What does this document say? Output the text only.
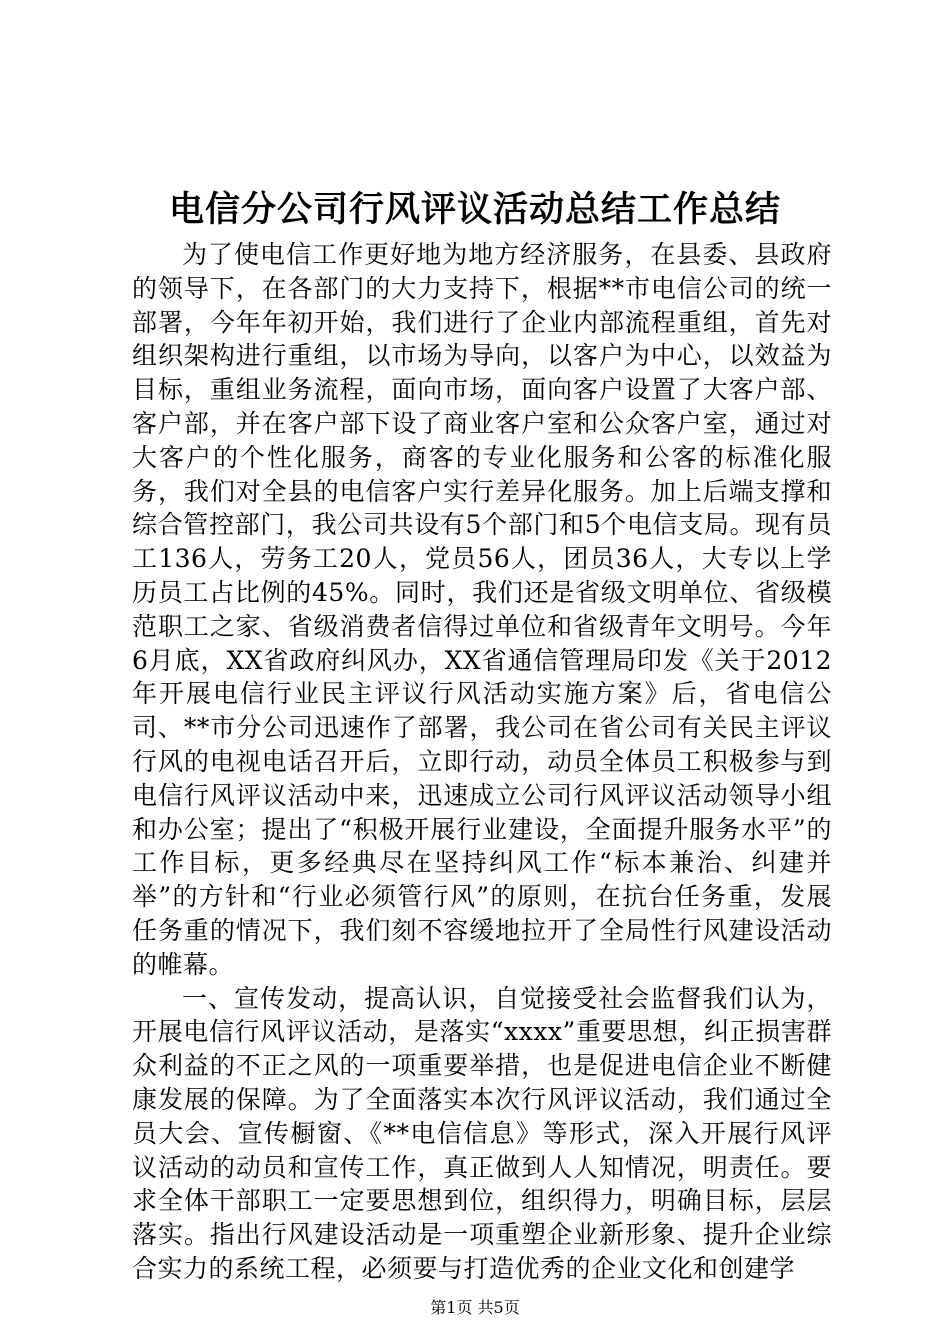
电信分公司行风评议活动总结工作总结

为了使电信工作更好地为地方经济服务，在县委、县政府的领导下，在各部门的大力支持下，根据**市电信公司的统一部署，今年年初开始，我们进行了企业内部流程重组，首先对组织架构进行重组，以市场为导向，以客户为中心，以效益为目标，重组业务流程，面向市场，面向客户设置了大客户部、客户部，并在客户部下设了商业客户室和公众客户室，通过对大客户的个性化服务，商客的专业化服务和公客的标准化服务，我们对全县的电信客户实行差异化服务。加上后端支撑和综合管控部门，我公司共设有5个部门和5个电信支局。现有员工136人，劳务工20人，党员56人，团员36人，大专以上学历员工占比例的45%。同时，我们还是省级文明单位、省级模范职工之家、省级消费者信得过单位和省级青年文明号。今年6月底，XX省政府纠风办，XX省通信管理局印发《关于2012年开展电信行业民主评议行风活动实施方案》后，省电信公司、**市分公司迅速作了部署，我公司在省公司有关民主评议行风的电视电话召开后，立即行动，动员全体员工积极参与到电信行风评议活动中来，迅速成立公司行风评议活动领导小组和办公室；提出了“积极开展行业建设，全面提升服务水平”的工作目标，更多经典尽在坚持纠风工作“标本兼治、纠建并举”的方针和“行业必须管行风”的原则，在抗台任务重，发展任务重的情况下，我们刻不容缓地拉开了全局性行风建设活动的帷幕。

一、宣传发动，提高认识，自觉接受社会监督我们认为，开展电信行风评议活动，是落实“xxxx”重要思想，纠正损害群众利益的不正之风的一项重要举措，也是促进电信企业不断健康发展的保障。为了全面落实本次行风评议活动，我们通过全员大会、宣传橱窗、《**电信信息》等形式，深入开展行风评议活动的动员和宣传工作，真正做到人人知情况，明责任。要求全体干部职工一定要思想到位，组织得力，明确目标，层层落实。指出行风建设活动是一项重塑企业新形象、提升企业综合实力的系统工程，必须要与打造优秀的企业文化和创建学

第1页 共5页
